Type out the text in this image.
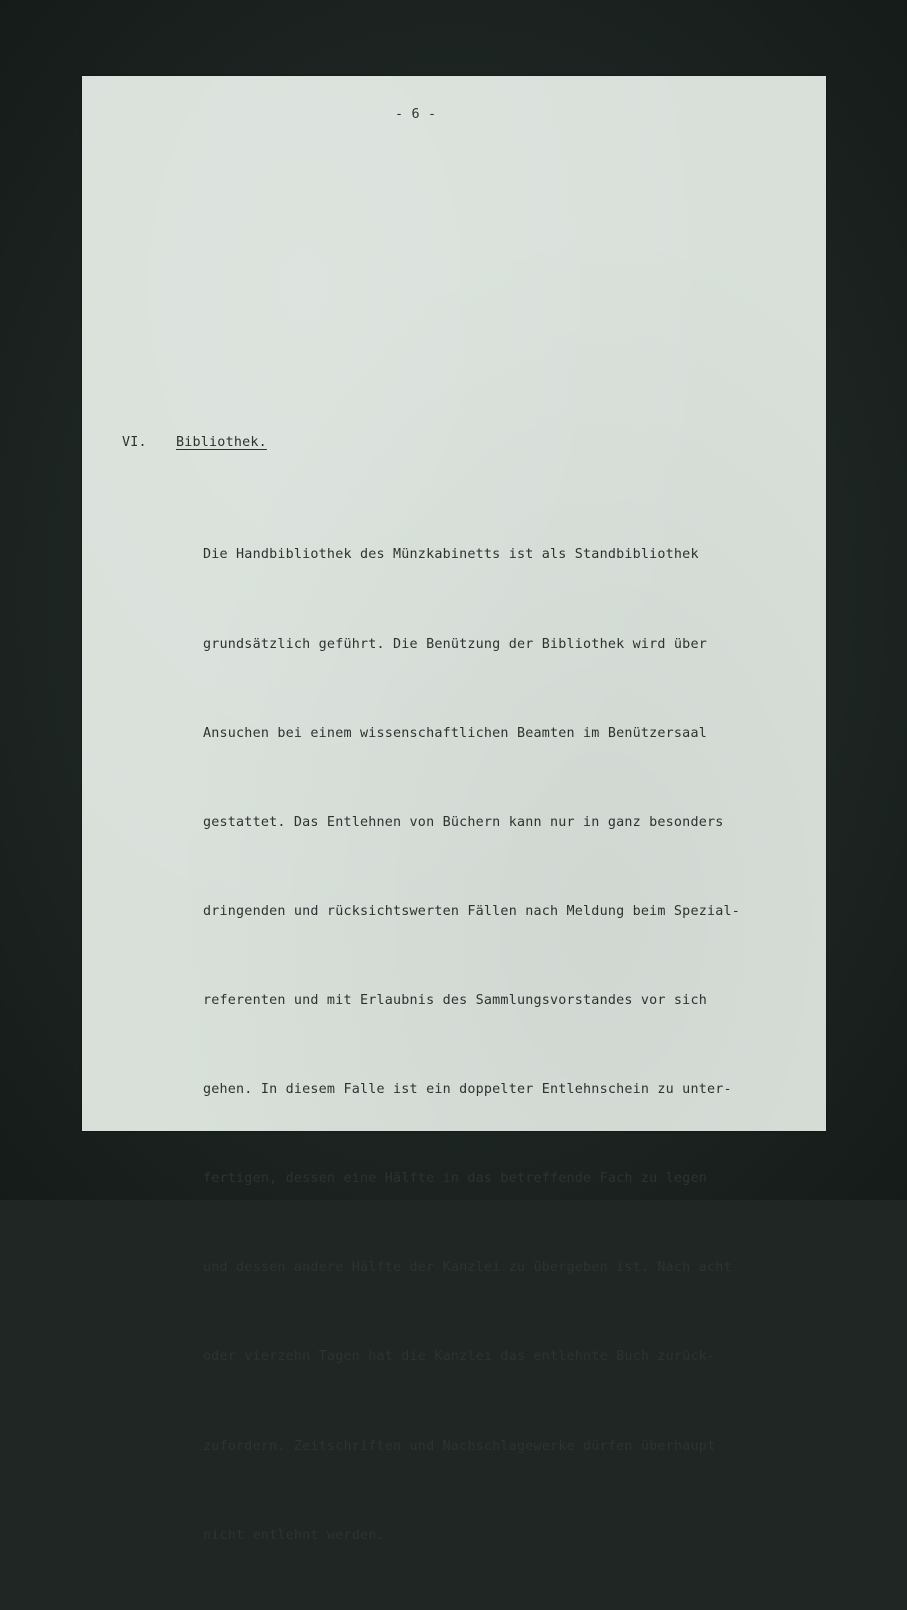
- 6 -
VI. Bibliothek.

Die Handbibliothek des Münzkabinetts ist als Standbibliothek

grundsätzlich geführt. Die Benützung der Bibliothek wird über

Ansuchen bei einem wissenschaftlichen Beamten im Benützersaal

gestattet. Das Entlehnen von Büchern kann nur in ganz besonders

dringenden und rücksichtswerten Fällen nach Meldung beim Spezial-

referenten und mit Erlaubnis des Sammlungsvorstandes vor sich

gehen. In diesem Falle ist ein doppelter Entlehnschein zu unter-

fertigen, dessen eine Hälfte in das betreffende Fach zu legen

und dessen andere Hälfte der Kanzlei zu übergeben ist. Nach acht

oder vierzehn Tagen hat die Kanzlei das entlehnte Buch zurück-

zufordern. Zeitschriften und Nachschlagewerke dürfen überhaupt

nicht entlehnt werden.
